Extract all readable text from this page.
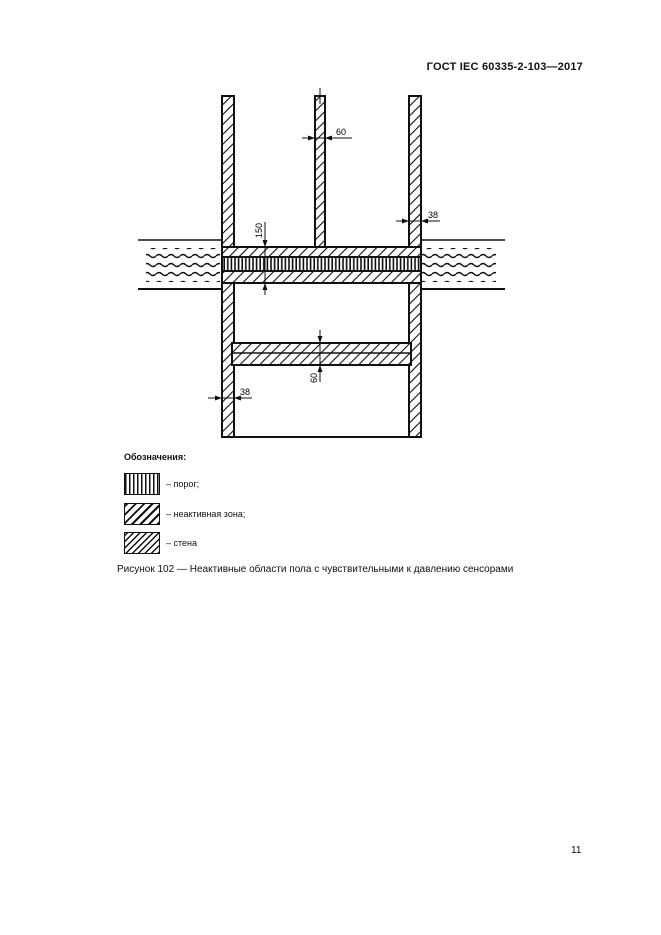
ГОСТ IEC 60335-2-103—2017
60
38
150
60
38
Обозначения:
– порог;
– неактивная зона;
– стена
Рисунок 102 — Неактивные области пола с чувствительными к давлению сенсорами
11
